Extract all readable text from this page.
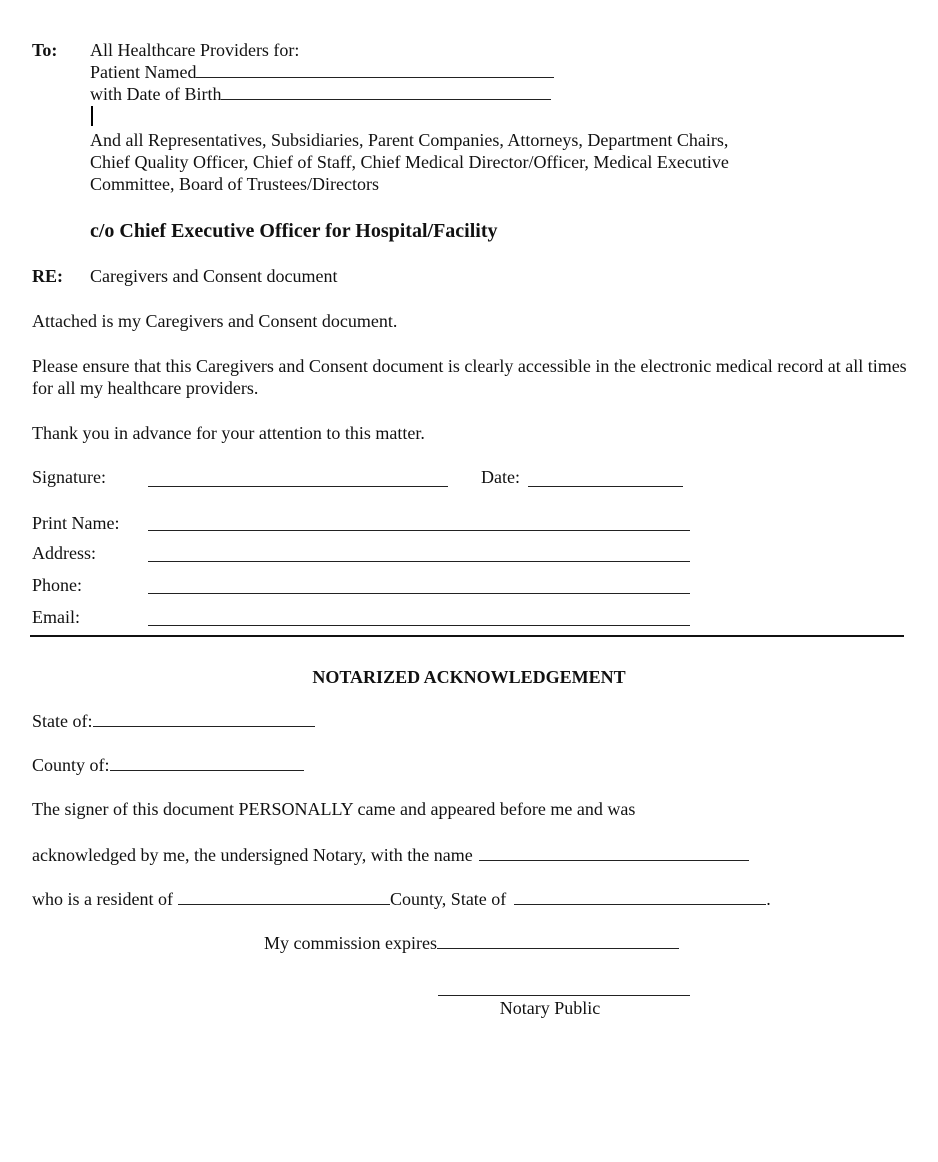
To: All Healthcare Providers for:
Patient Named
with Date of Birth
And all Representatives, Subsidiaries, Parent Companies, Attorneys, Department Chairs,
Chief Quality Officer, Chief of Staff, Chief Medical Director/Officer, Medical Executive
Committee, Board of Trustees/Directors
c/o Chief Executive Officer for Hospital/Facility
RE: Caregivers and Consent document
Attached is my Caregivers and Consent document.
Please ensure that this Caregivers and Consent document is clearly accessible in the electronic medical record at all times for all my healthcare providers.
Thank you in advance for your attention to this matter.
Signature:	Date:
Print Name:
Address:
Phone:
Email:
NOTARIZED ACKNOWLEDGEMENT
State of:
County of:
The signer of this document PERSONALLY came and appeared before me and was
acknowledged by me, the undersigned Notary, with the name
who is a resident of	County, State of	.
My commission expires
Notary Public
